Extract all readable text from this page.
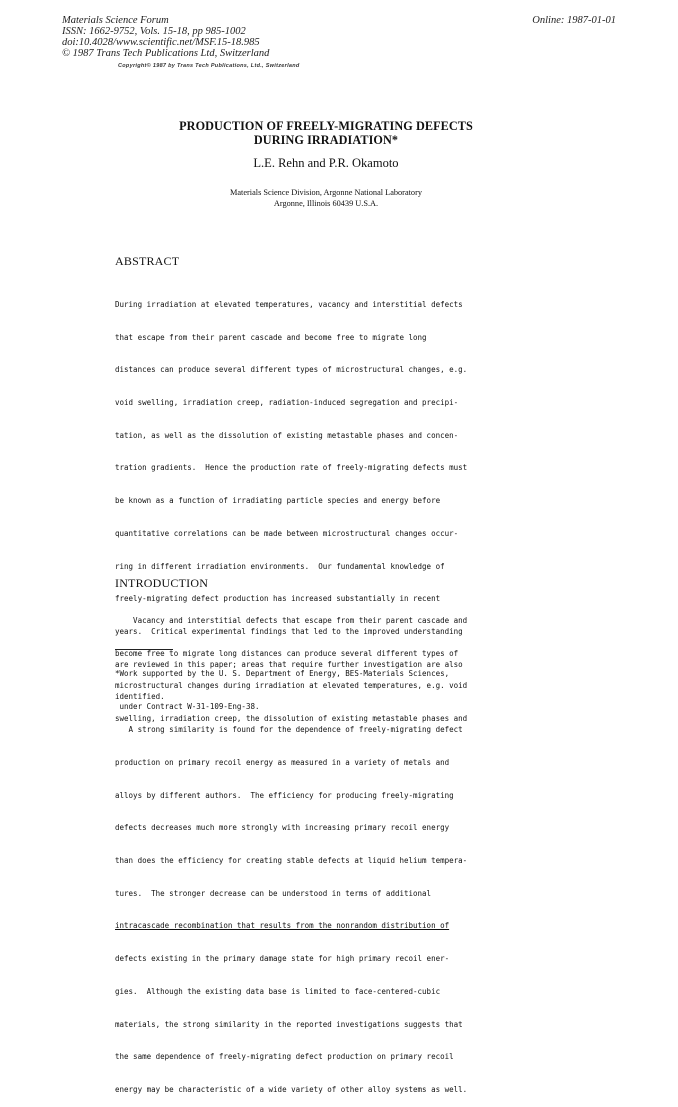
Materials Science Forum
ISSN: 1662-9752, Vols. 15-18, pp 985-1002
doi:10.4028/www.scientific.net/MSF.15-18.985
© 1987 Trans Tech Publications Ltd, Switzerland
Online: 1987-01-01
Copyright© 1987 by Trans Tech Publications, Ltd., Switzerland
PRODUCTION OF FREELY-MIGRATING DEFECTS
DURING IRRADIATION*
L.E. Rehn and P.R. Okamoto
Materials Science Division, Argonne National Laboratory
Argonne, Illinois 60439 U.S.A.
ABSTRACT

During irradiation at elevated temperatures, vacancy and interstitial defects

that escape from their parent cascade and become free to migrate long

distances can produce several different types of microstructural changes, e.g.

void swelling, irradiation creep, radiation-induced segregation and precipi-

tation, as well as the dissolution of existing metastable phases and concen-

tration gradients.  Hence the production rate of freely-migrating defects must

be known as a function of irradiating particle species and energy before

quantitative correlations can be made between microstructural changes occur-

ring in different irradiation environments.  Our fundamental knowledge of

freely-migrating defect production has increased substantially in recent

years.  Critical experimental findings that led to the improved understanding

are reviewed in this paper; areas that require further investigation are also

identified.

A strong similarity is found for the dependence of freely-migrating defect

production on primary recoil energy as measured in a variety of metals and

alloys by different authors.  The efficiency for producing freely-migrating

defects decreases much more strongly with increasing primary recoil energy

than does the efficiency for creating stable defects at liquid helium tempera-

tures.  The stronger decrease can be understood in terms of additional

intracascade recombination that results from the nonrandom distribution of

defects existing in the primary damage state for high primary recoil ener-

gies.  Although the existing data base is limited to face-centered-cubic

materials, the strong similarity in the reported investigations suggests that

the same dependence of freely-migrating defect production on primary recoil

energy may be characteristic of a wide variety of other alloy systems as well.

INTRODUCTION

Vacancy and interstitial defects that escape from their parent cascade and

become free to migrate long distances can produce several different types of

microstructural changes during irradiation at elevated temperatures, e.g. void

swelling, irradiation creep, the dissolution of existing metastable phases and

*Work supported by the U. S. Department of Energy, BES-Materials Sciences,

under Contract W-31-109-Eng-38.
